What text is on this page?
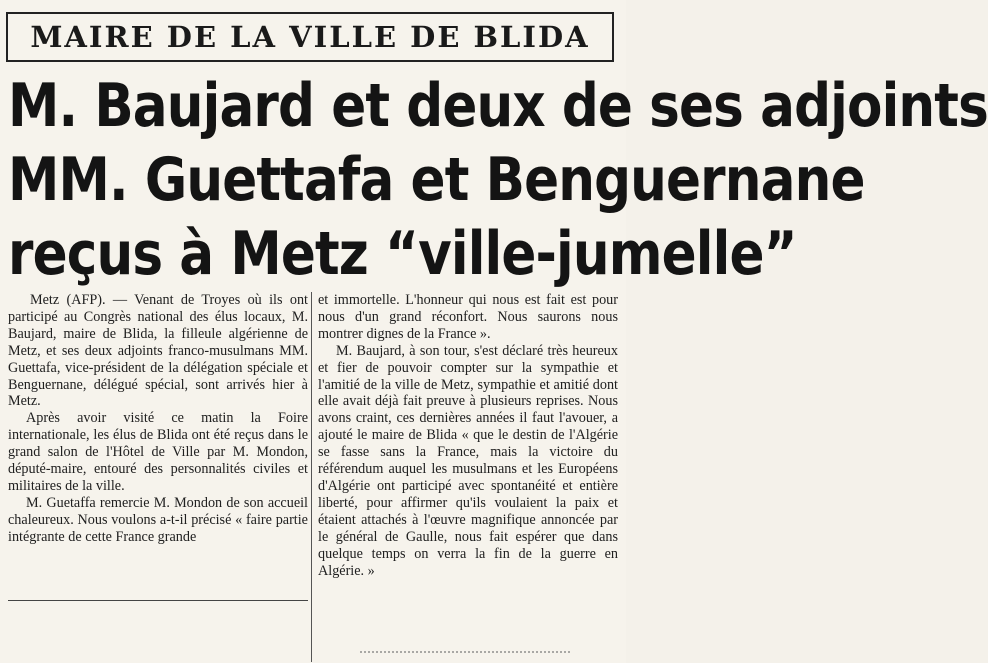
MAIRE DE LA VILLE DE BLIDA
M. Baujard et deux de ses adjoints
MM. Guettafa et Benguernane
reçus à Metz “ville-jumelle”

Metz (AFP). — Venant de Troyes où ils ont participé au Congrès national des élus locaux, M. Baujard, maire de Blida, la filleule algérienne de Metz, et ses deux adjoints franco-musulmans MM. Guettafa, vice-président de la délégation spéciale et Benguernane, délégué spécial, sont arrivés hier à Metz.

Après avoir visité ce matin la Foire internationale, les élus de Blida ont été reçus dans le grand salon de l'Hôtel de Ville par M. Mondon, député-maire, entouré des personnalités civiles et militaires de la ville.

M. Guetaffa remercie M. Mondon de son accueil chaleureux. Nous voulons a-t-il précisé « faire partie intégrante de cette France grande

et immortelle. L'honneur qui nous est fait est pour nous d'un grand réconfort. Nous saurons nous montrer dignes de la France ».

M. Baujard, à son tour, s'est déclaré très heureux et fier de pouvoir compter sur la sympathie et l'amitié de la ville de Metz, sympathie et amitié dont elle avait déjà fait preuve à plusieurs reprises. Nous avons craint, ces dernières années il faut l'avouer, a ajouté le maire de Blida « que le destin de l'Algérie se fasse sans la France, mais la victoire du référendum auquel les musulmans et les Européens d'Algérie ont participé avec spontanéité et entière liberté, pour affirmer qu'ils voulaient la paix et étaient attachés à l'œuvre magnifique annoncée par le général de Gaulle, nous fait espérer que dans quelque temps on verra la fin de la guerre en Algérie. »
